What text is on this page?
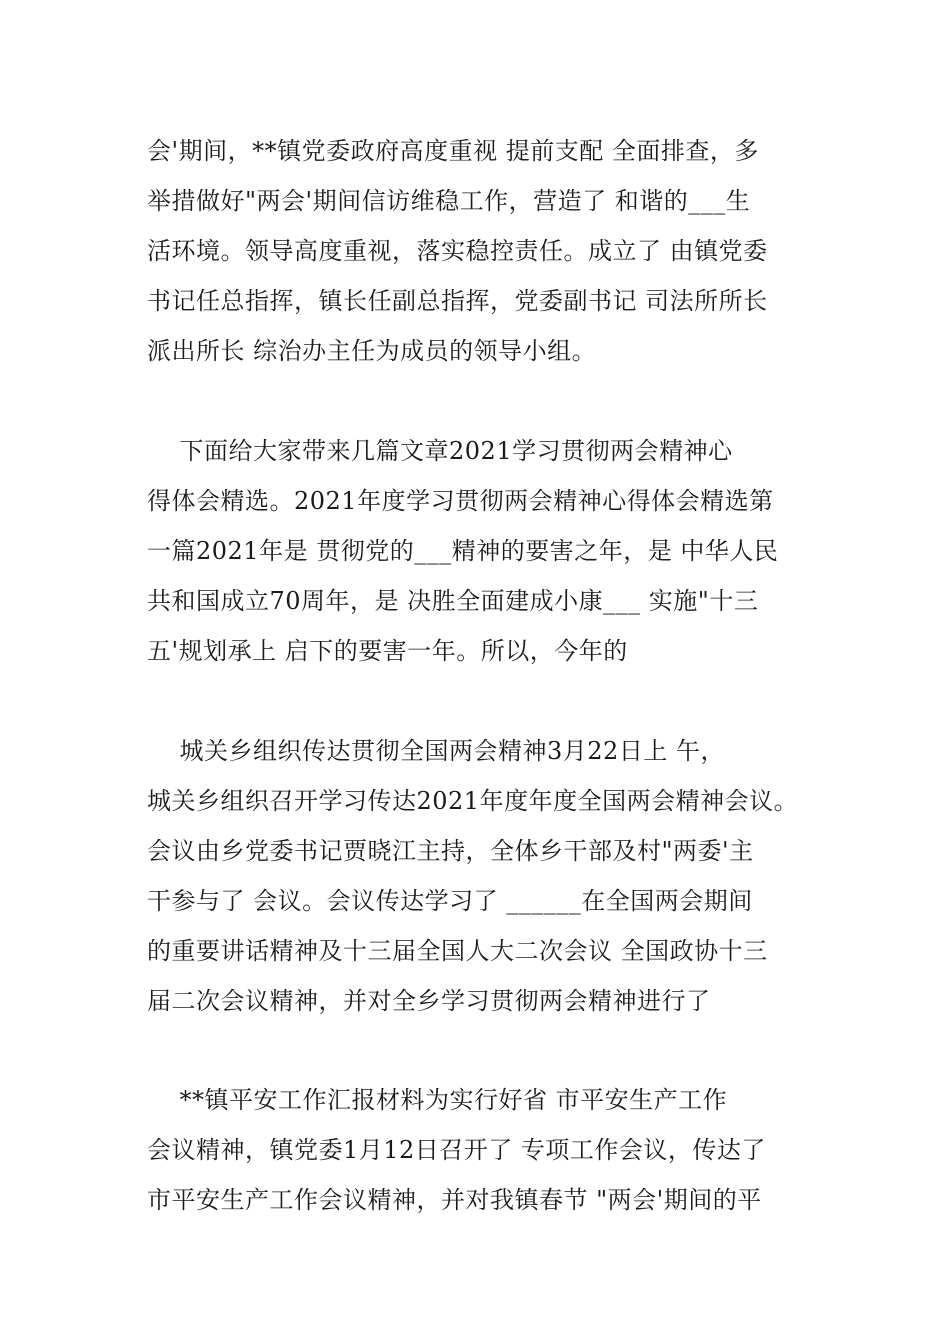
会'期间，**镇党委政府高度重视 提前支配 全面排查，多
举措做好"两会'期间信访维稳工作，营造了 和谐的___生
活环境。领导高度重视，落实稳控责任。成立了 由镇党委
书记任总指挥，镇长任副总指挥，党委副书记 司法所所长
派出所长 综治办主任为成员的领导小组。
下面给大家带来几篇文章2021学习贯彻两会精神心
得体会精选。2021年度学习贯彻两会精神心得体会精选第
一篇2021年是 贯彻党的___精神的要害之年，是 中华人民
共和国成立70周年，是 决胜全面建成小康___ 实施"十三
五'规划承上 启下的要害一年。所以，今年的
城关乡组织传达贯彻全国两会精神3月22日上 午，
城关乡组织召开学习传达2021年度年度全国两会精神会议。
会议由乡党委书记贾晓江主持，全体乡干部及村"两委'主
干参与了 会议。会议传达学习了 ______在全国两会期间
的重要讲话精神及十三届全国人大二次会议 全国政协十三
届二次会议精神，并对全乡学习贯彻两会精神进行了
**镇平安工作汇报材料为实行好省 市平安生产工作
会议精神，镇党委1月12日召开了 专项工作会议，传达了
市平安生产工作会议精神，并对我镇春节 "两会'期间的平
